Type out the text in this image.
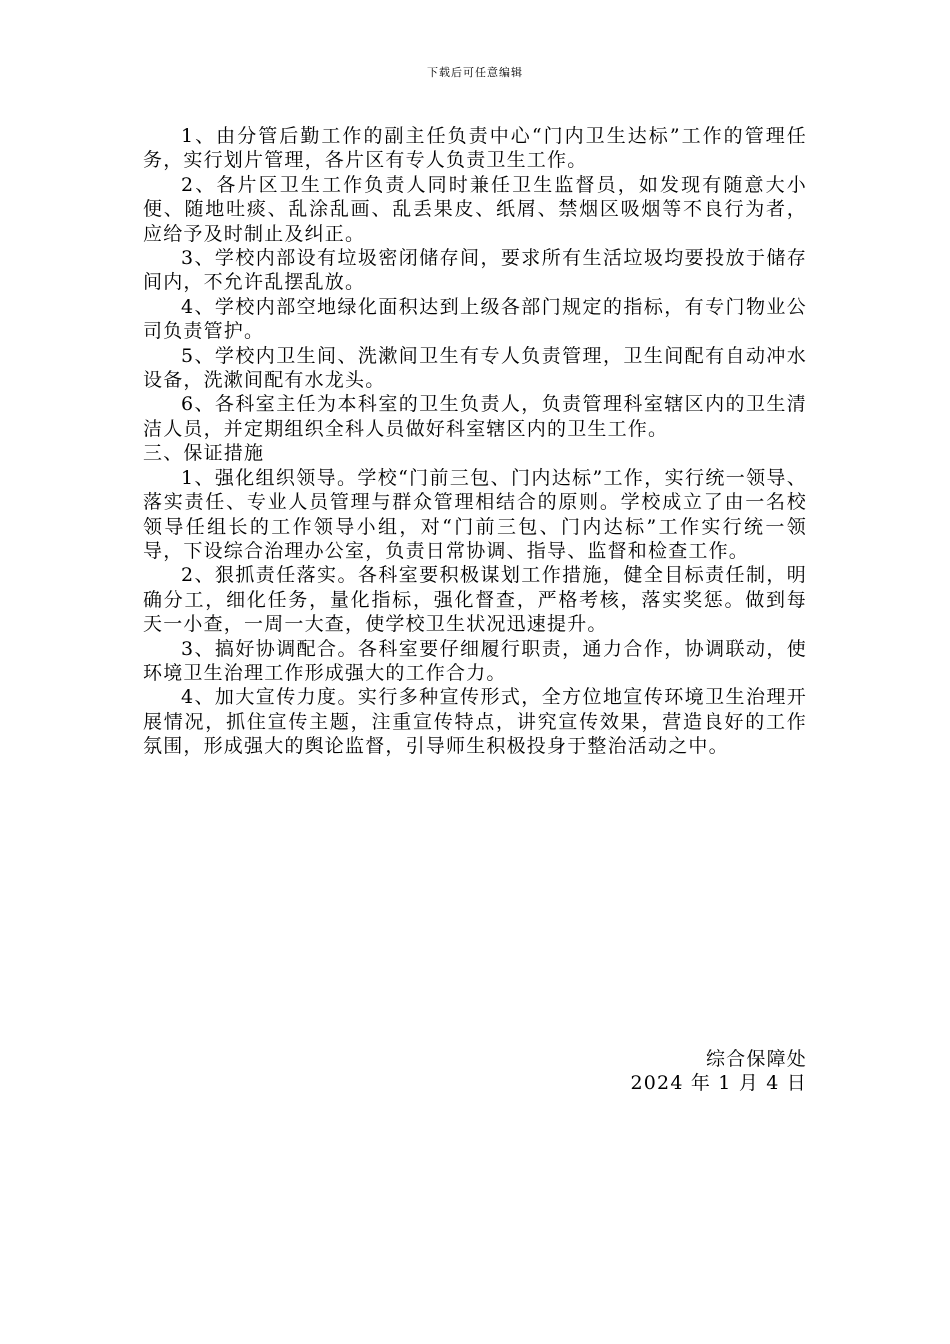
下载后可任意编辑

1、由分管后勤工作的副主任负责中心“门内卫生达标”工作的管理任务，实行划片管理，各片区有专人负责卫生工作。

2、各片区卫生工作负责人同时兼任卫生监督员，如发现有随意大小便、随地吐痰、乱涂乱画、乱丢果皮、纸屑、禁烟区吸烟等不良行为者，应给予及时制止及纠正。

3、学校内部设有垃圾密闭储存间，要求所有生活垃圾均要投放于储存间内，不允许乱摆乱放。

4、学校内部空地绿化面积达到上级各部门规定的指标，有专门物业公司负责管护。

5、学校内卫生间、洗漱间卫生有专人负责管理，卫生间配有自动冲水设备，洗漱间配有水龙头。

6、各科室主任为本科室的卫生负责人，负责管理科室辖区内的卫生清洁人员，并定期组织全科人员做好科室辖区内的卫生工作。

三、保证措施

1、强化组织领导。学校“门前三包、门内达标”工作，实行统一领导、落实责任、专业人员管理与群众管理相结合的原则。学校成立了由一名校领导任组长的工作领导小组，对“门前三包、门内达标”工作实行统一领导，下设综合治理办公室，负责日常协调、指导、监督和检查工作。

2、狠抓责任落实。各科室要积极谋划工作措施，健全目标责任制，明确分工，细化任务，量化指标，强化督查，严格考核，落实奖惩。做到每天一小查，一周一大查，使学校卫生状况迅速提升。

3、搞好协调配合。各科室要仔细履行职责，通力合作，协调联动，使环境卫生治理工作形成强大的工作合力。

4、加大宣传力度。实行多种宣传形式，全方位地宣传环境卫生治理开展情况，抓住宣传主题，注重宣传特点，讲究宣传效果，营造良好的工作氛围，形成强大的舆论监督，引导师生积极投身于整治活动之中。

综合保障处
2024 年 1 月 4 日
